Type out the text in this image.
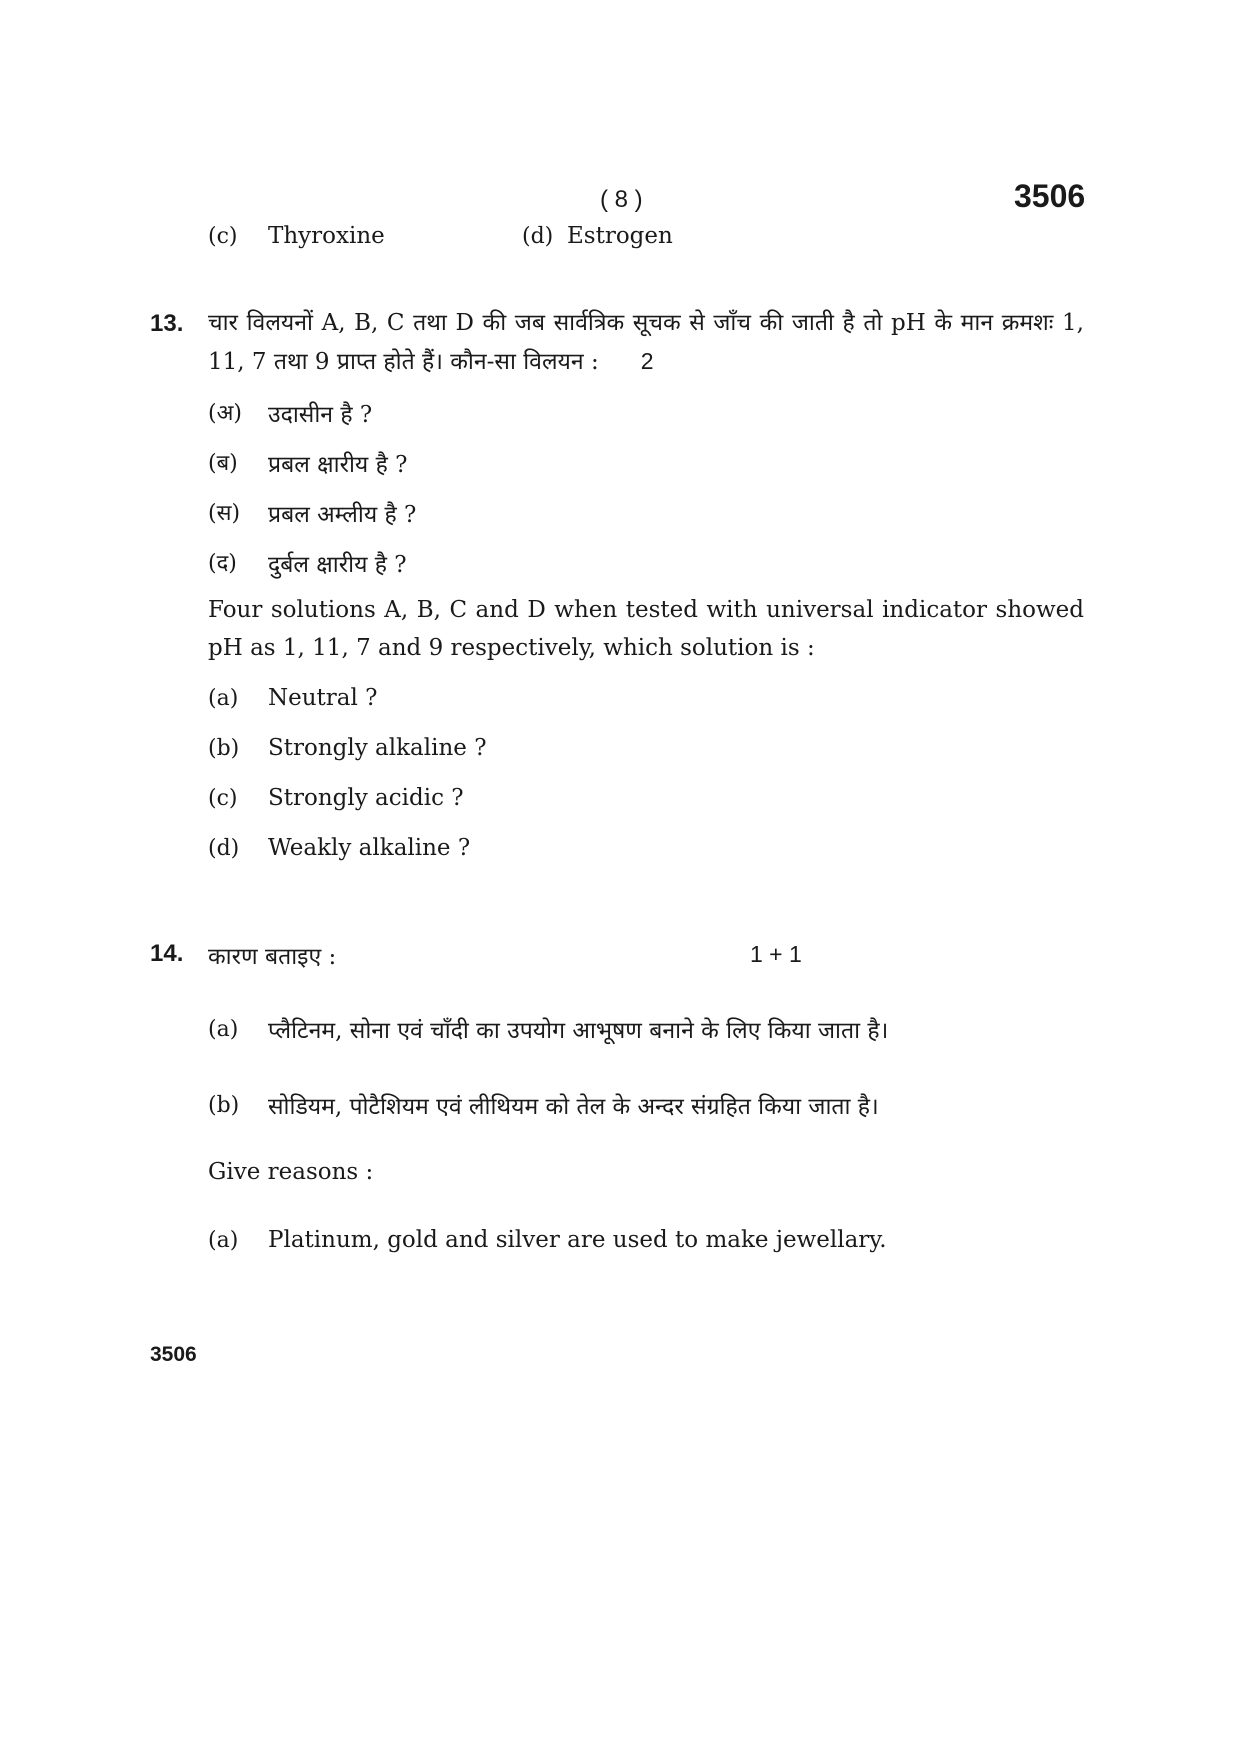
( 8 )	3506
(c) Thyroxine	(d) Estrogen
13. चार विलयनों A, B, C तथा D की जब सार्वत्रिक सूचक से जाँच की जाती है तो pH के मान क्रमशः 1, 11, 7 तथा 9 प्राप्त होते हैं। कौन-सा विलयन : 2
(अ) उदासीन है ?
(ब) प्रबल क्षारीय है ?
(स) प्रबल अम्लीय है ?
(द) दुर्बल क्षारीय है ?
Four solutions A, B, C and D when tested with universal indicator showed pH as 1, 11, 7 and 9 respectively, which solution is :
(a) Neutral ?
(b) Strongly alkaline ?
(c) Strongly acidic ?
(d) Weakly alkaline ?
14. कारण बताइए :	1 + 1
(a) प्लैटिनम, सोना एवं चाँदी का उपयोग आभूषण बनाने के लिए किया जाता है।
(b) सोडियम, पोटैशियम एवं लीथियम को तेल के अन्दर संग्रहित किया जाता है।
Give reasons :
(a) Platinum, gold and silver are used to make jewellary.
3506
